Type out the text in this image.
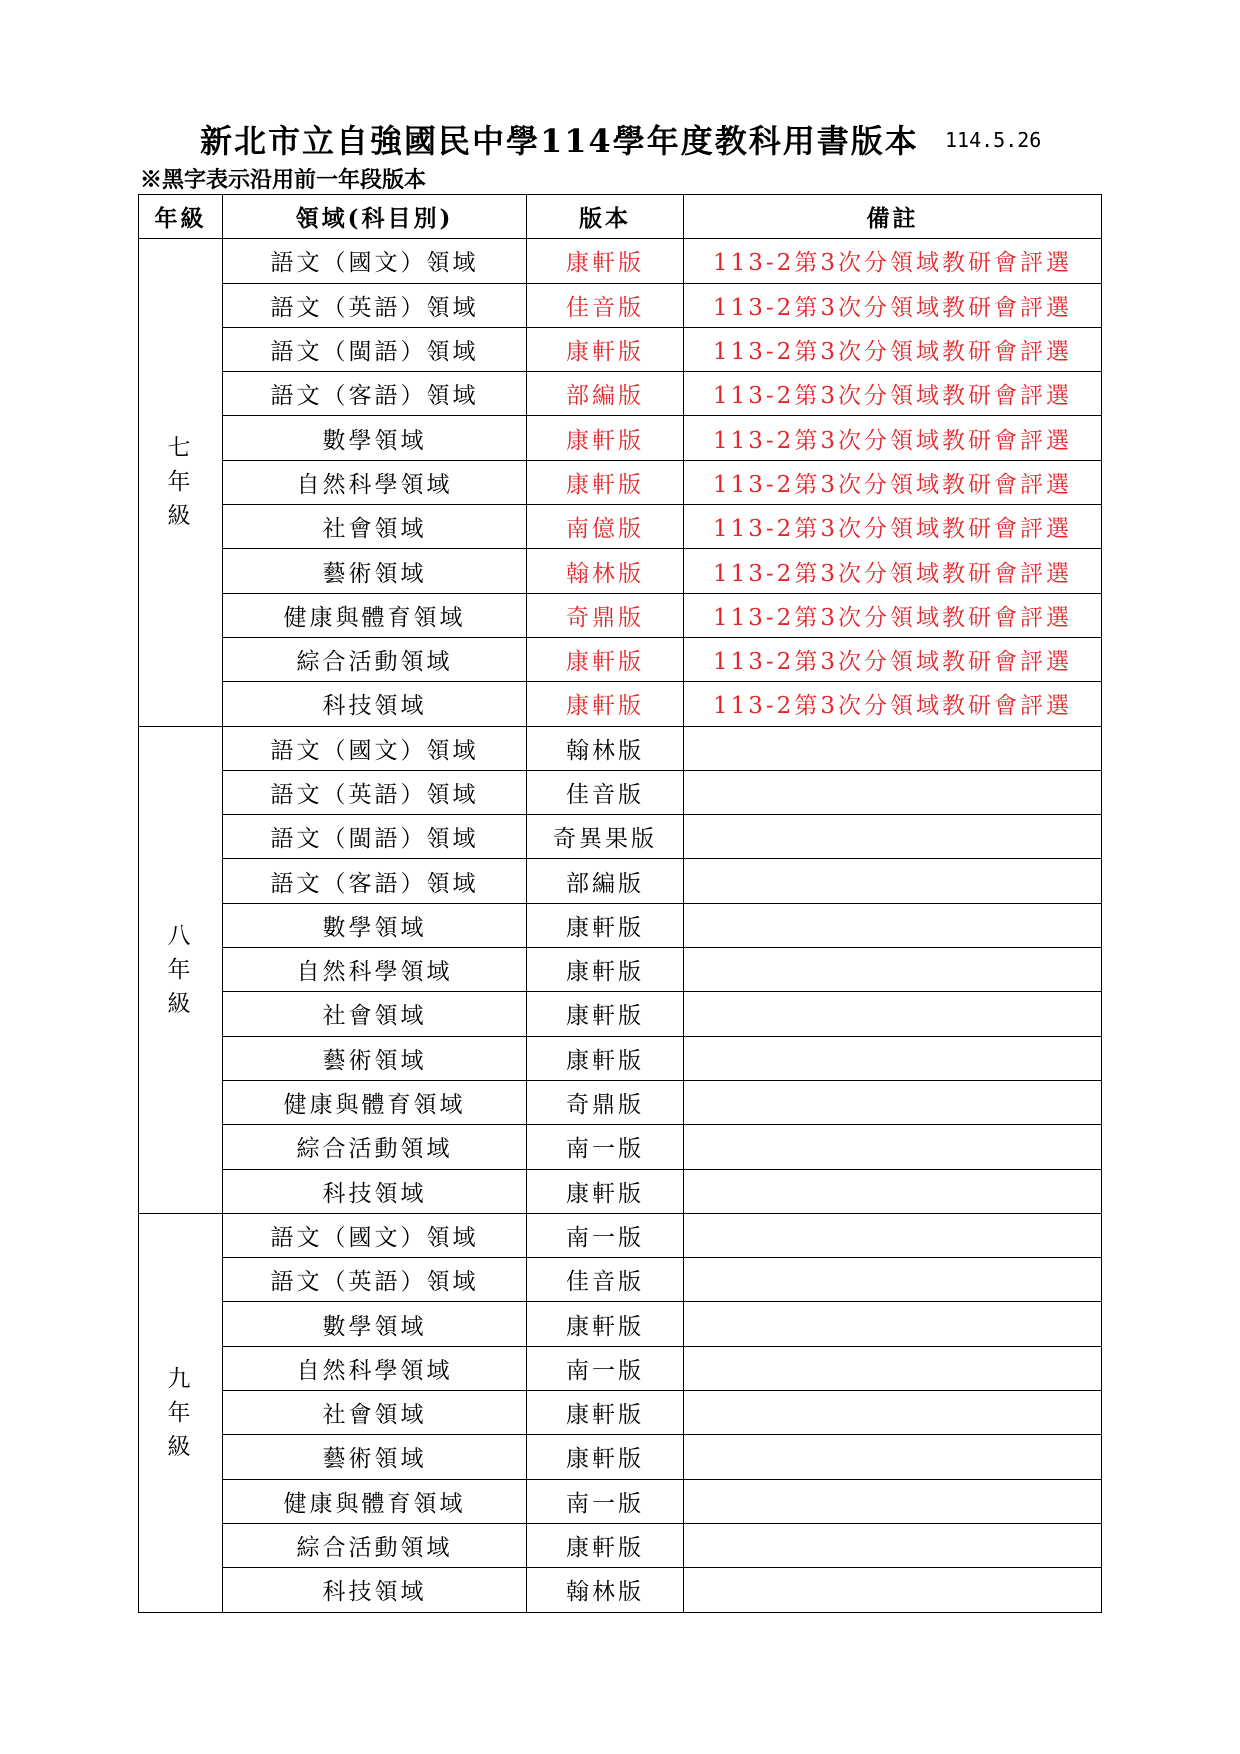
新北市立自強國民中學114學年度教科用書版本 114.5.26
※黑字表示沿用前一年段版本
年級	領域(科目別)	版本	備註

七
年
級	語文（國文）領域	康軒版	113-2第3次分領域教研會評選
	語文（英語）領域	佳音版	113-2第3次分領域教研會評選
	語文（閩語）領域	康軒版	113-2第3次分領域教研會評選
	語文（客語）領域	部編版	113-2第3次分領域教研會評選
	數學領域	康軒版	113-2第3次分領域教研會評選
	自然科學領域	康軒版	113-2第3次分領域教研會評選
	社會領域	南億版	113-2第3次分領域教研會評選
	藝術領域	翰林版	113-2第3次分領域教研會評選
	健康與體育領域	奇鼎版	113-2第3次分領域教研會評選
	綜合活動領域	康軒版	113-2第3次分領域教研會評選
	科技領域	康軒版	113-2第3次分領域教研會評選

八
年
級	語文（國文）領域	翰林版	
	語文（英語）領域	佳音版	
	語文（閩語）領域	奇異果版	
	語文（客語）領域	部編版	
	數學領域	康軒版	
	自然科學領域	康軒版	
	社會領域	康軒版	
	藝術領域	康軒版	
	健康與體育領域	奇鼎版	
	綜合活動領域	南一版	
	科技領域	康軒版	

九
年
級	語文（國文）領域	南一版	
	語文（英語）領域	佳音版	
	數學領域	康軒版	
	自然科學領域	南一版	
	社會領域	康軒版	
	藝術領域	康軒版	
	健康與體育領域	南一版	
	綜合活動領域	康軒版	
	科技領域	翰林版	
